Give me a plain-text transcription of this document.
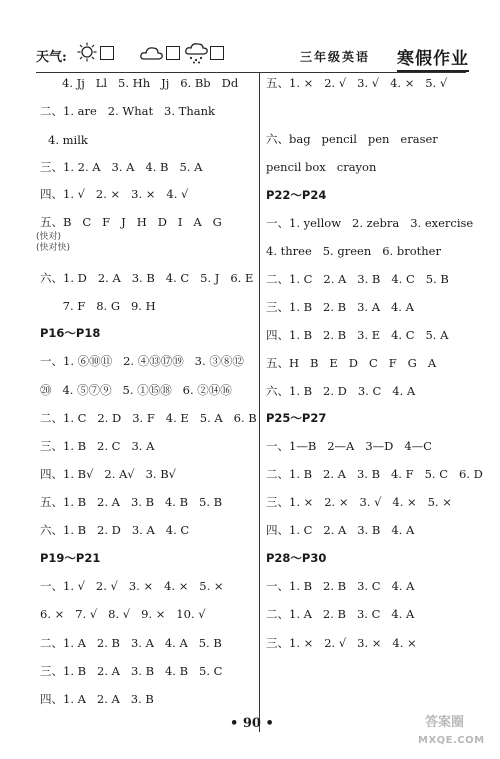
天气:	三年级英语 寒假作业
4. Jj   Ll   5. Hh   Jj   6. Bb   Dd
二、1. are   2. What   3. Thank
4. milk
三、1. 2. A   3. A   4. B   5. A
四、1. √   2. ×   3. ×   4. √
五、B   C   F   J   H   D   I   A   G
六、1. D   2. A   3. B   4. C   5. J   6. E
7. F   8. G   9. H
P16～P18
一、1. ⑥⑩⑪   2. ④⑬⑰⑲   3. ③⑧⑫
⑳   4. ⑤⑦⑨   5. ①⑮⑱   6. ②⑭⑯
二、1. C   2. D   3. F   4. E   5. A   6. B
三、1. B   2. C   3. A
四、1. B√   2. A√   3. B√
五、1. B   2. A   3. B   4. B   5. B
六、1. B   2. D   3. A   4. C
P19～P21
一、1. √   2. √   3. ×   4. ×   5. ×
6. ×   7. √   8. √   9. ×   10. √
二、1. A   2. B   3. A   4. A   5. B
三、1. B   2. A   3. B   4. B   5. C
四、1. A   2. A   3. B
(快对)
(快对快)
五、1. ×   2. √   3. √   4. ×   5. √
六、bag   pencil   pen   eraser
pencil box   crayon
P22～P24
一、1. yellow   2. zebra   3. exercise
4. three   5. green   6. brother
二、1. C   2. A   3. B   4. C   5. B
三、1. B   2. B   3. A   4. A
四、1. B   2. B   3. E   4. C   5. A
五、H   B   E   D   C   F   G   A
六、1. B   2. D   3. C   4. A
P25～P27
一、1—B   2—A   3—D   4—C
二、1. B   2. A   3. B   4. F   5. C   6. D
三、1. ×   2. ×   3. √   4. ×   5. ×
四、1. C   2. A   3. B   4. A
P28～P30
一、1. B   2. B   3. C   4. A
二、1. A   2. B   3. C   4. A
三、1. ×   2. √   3. ×   4. ×
• 90 •	答案圈
MXQE.COM
